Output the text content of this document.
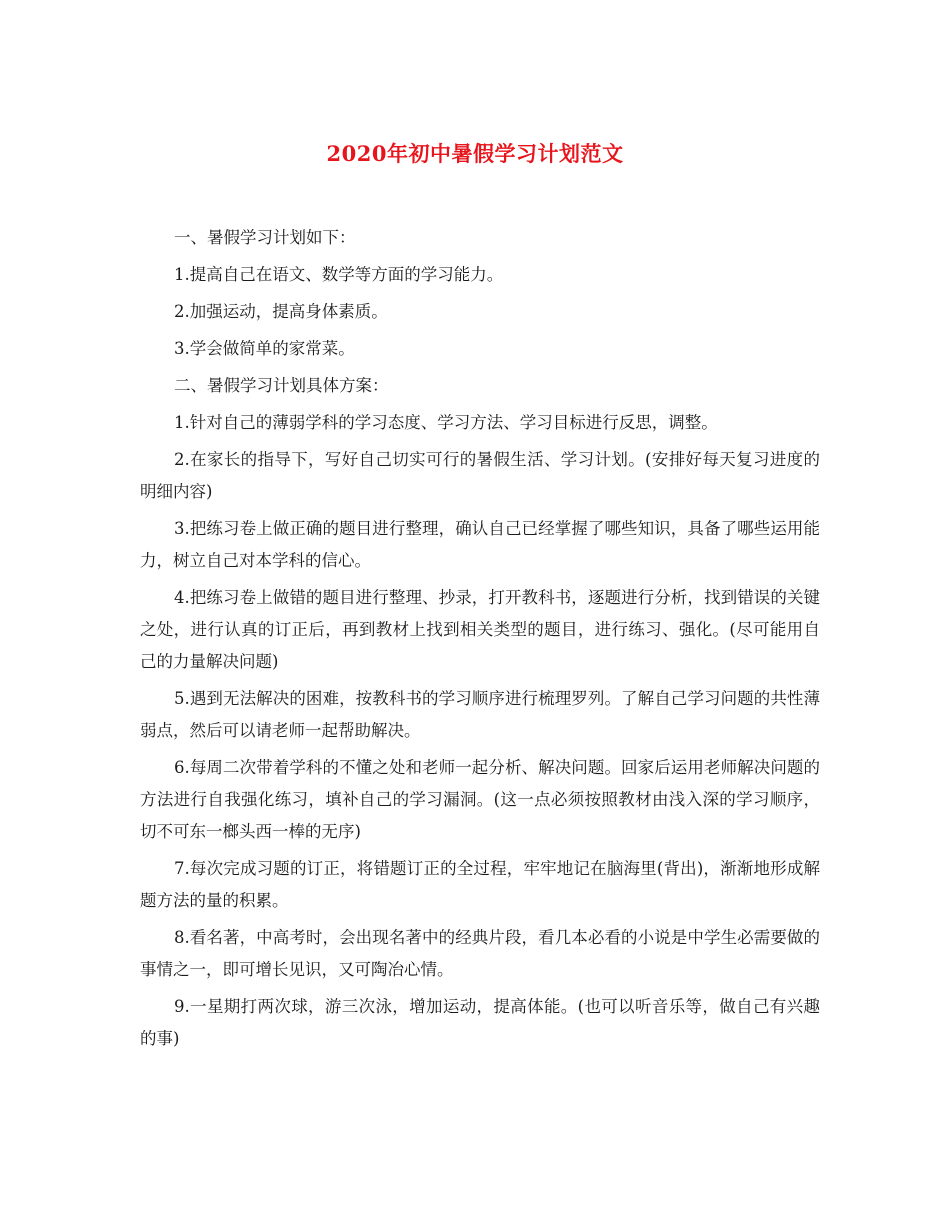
2020年初中暑假学习计划范文

一、暑假学习计划如下：

1.提高自己在语文、数学等方面的学习能力。

2.加强运动，提高身体素质。

3.学会做简单的家常菜。

二、暑假学习计划具体方案：

1.针对自己的薄弱学科的学习态度、学习方法、学习目标进行反思，调整。

2.在家长的指导下，写好自己切实可行的暑假生活、学习计划。(安排好每天复习进度的明细内容)

3.把练习卷上做正确的题目进行整理，确认自己已经掌握了哪些知识，具备了哪些运用能力，树立自己对本学科的信心。

4.把练习卷上做错的题目进行整理、抄录，打开教科书，逐题进行分析，找到错误的关键之处，进行认真的订正后，再到教材上找到相关类型的题目，进行练习、强化。(尽可能用自己的力量解决问题)

5.遇到无法解决的困难，按教科书的学习顺序进行梳理罗列。了解自己学习问题的共性薄弱点，然后可以请老师一起帮助解决。

6.每周二次带着学科的不懂之处和老师一起分析、解决问题。回家后运用老师解决问题的方法进行自我强化练习，填补自己的学习漏洞。(这一点必须按照教材由浅入深的学习顺序，切不可东一榔头西一棒的无序)

7.每次完成习题的订正，将错题订正的全过程，牢牢地记在脑海里(背出)，渐渐地形成解题方法的量的积累。

8.看名著，中高考时，会出现名著中的经典片段，看几本必看的小说是中学生必需要做的事情之一，即可增长见识，又可陶冶心情。

9.一星期打两次球，游三次泳，增加运动，提高体能。(也可以听音乐等，做自己有兴趣的事)
